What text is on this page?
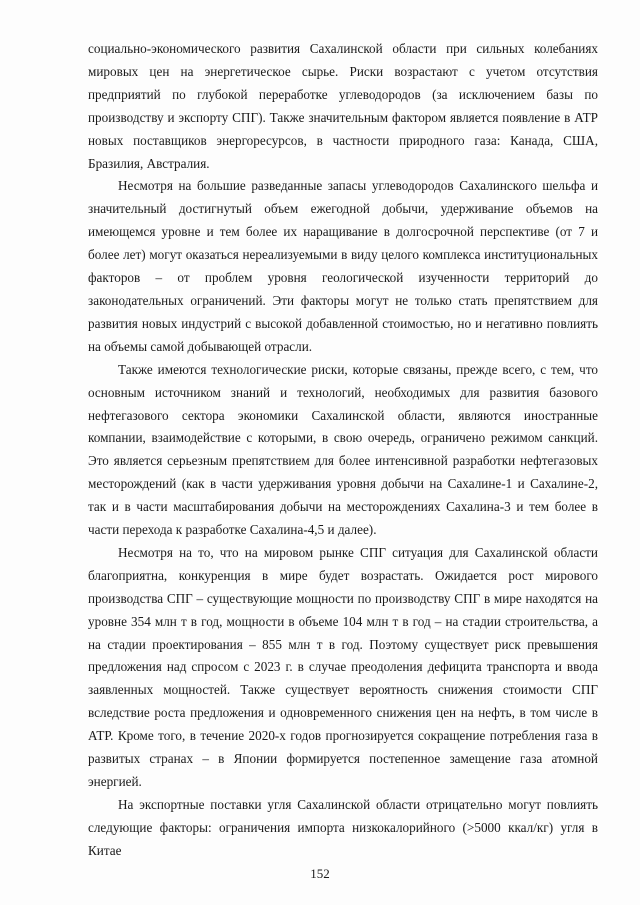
социально-экономического развития Сахалинской области при сильных колебаниях мировых цен на энергетическое сырье. Риски возрастают с учетом отсутствия предприятий по глубокой переработке углеводородов (за исключением базы по производству и экспорту СПГ). Также значительным фактором является появление в АТР новых поставщиков энергоресурсов, в частности природного газа: Канада, США, Бразилия, Австралия.

Несмотря на большие разведанные запасы углеводородов Сахалинского шельфа и значительный достигнутый объем ежегодной добычи, удерживание объемов на имеющемся уровне и тем более их наращивание в долгосрочной перспективе (от 7 и более лет) могут оказаться нереализуемыми в виду целого комплекса институциональных факторов – от проблем уровня геологической изученности территорий до законодательных ограничений. Эти факторы могут не только стать препятствием для развития новых индустрий с высокой добавленной стоимостью, но и негативно повлиять на объемы самой добывающей отрасли.

Также имеются технологические риски, которые связаны, прежде всего, с тем, что основным источником знаний и технологий, необходимых для развития базового нефтегазового сектора экономики Сахалинской области, являются иностранные компании, взаимодействие с которыми, в свою очередь, ограничено режимом санкций. Это является серьезным препятствием для более интенсивной разработки нефтегазовых месторождений (как в части удерживания уровня добычи на Сахалине-1 и Сахалине-2, так и в части масштабирования добычи на месторождениях Сахалина-3 и тем более в части перехода к разработке Сахалина-4,5 и далее).

Несмотря на то, что на мировом рынке СПГ ситуация для Сахалинской области благоприятна, конкуренция в мире будет возрастать. Ожидается рост мирового производства СПГ – существующие мощности по производству СПГ в мире находятся на уровне 354 млн т в год, мощности в объеме 104 млн т в год – на стадии строительства, а на стадии проектирования – 855 млн т в год. Поэтому существует риск превышения предложения над спросом с 2023 г. в случае преодоления дефицита транспорта и ввода заявленных мощностей. Также существует вероятность снижения стоимости СПГ вследствие роста предложения и одновременного снижения цен на нефть, в том числе в АТР. Кроме того, в течение 2020-х годов прогнозируется сокращение потребления газа в развитых странах – в Японии формируется постепенное замещение газа атомной энергией.

На экспортные поставки угля Сахалинской области отрицательно могут повлиять следующие факторы: ограничения импорта низкокалорийного (>5000 ккал/кг) угля в Китае

152
